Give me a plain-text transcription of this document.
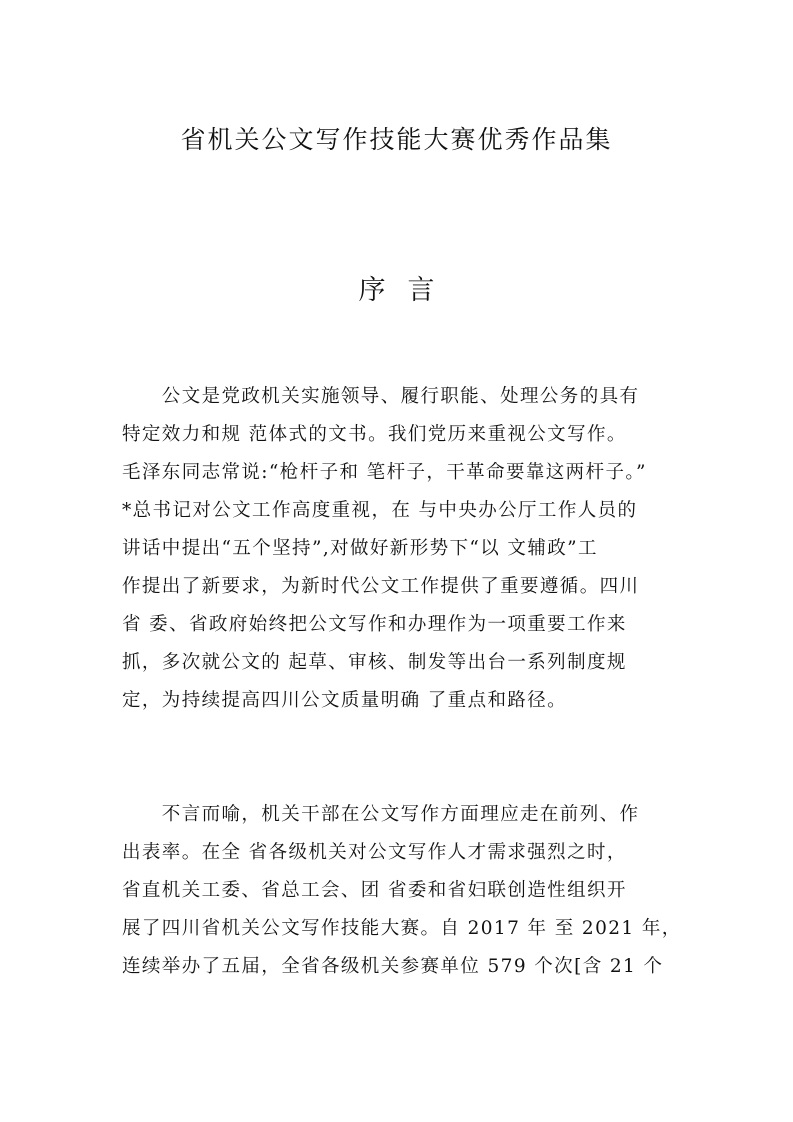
省机关公文写作技能大赛优秀作品集
序 言
　　公文是党政机关实施领导、履行职能、处理公务的具有
特定效力和规 范体式的文书。我们党历来重视公文写作。
毛泽东同志常说:“枪杆子和 笔杆子，干革命要靠这两杆子。”
*总书记对公文工作高度重视，在 与中央办公厅工作人员的
讲话中提出“五个坚持”,对做好新形势下“以 文辅政”工
作提出了新要求，为新时代公文工作提供了重要遵循。四川
省 委、省政府始终把公文写作和办理作为一项重要工作来
抓，多次就公文的 起草、审核、制发等出台一系列制度规
定，为持续提高四川公文质量明确 了重点和路径。
　　不言而喻，机关干部在公文写作方面理应走在前列、作
出表率。在全 省各级机关对公文写作人才需求强烈之时，
省直机关工委、省总工会、团 省委和省妇联创造性组织开
展了四川省机关公文写作技能大赛。自 2017 年 至 2021 年，
连续举办了五届，全省各级机关参赛单位 579 个次[含 21 个
